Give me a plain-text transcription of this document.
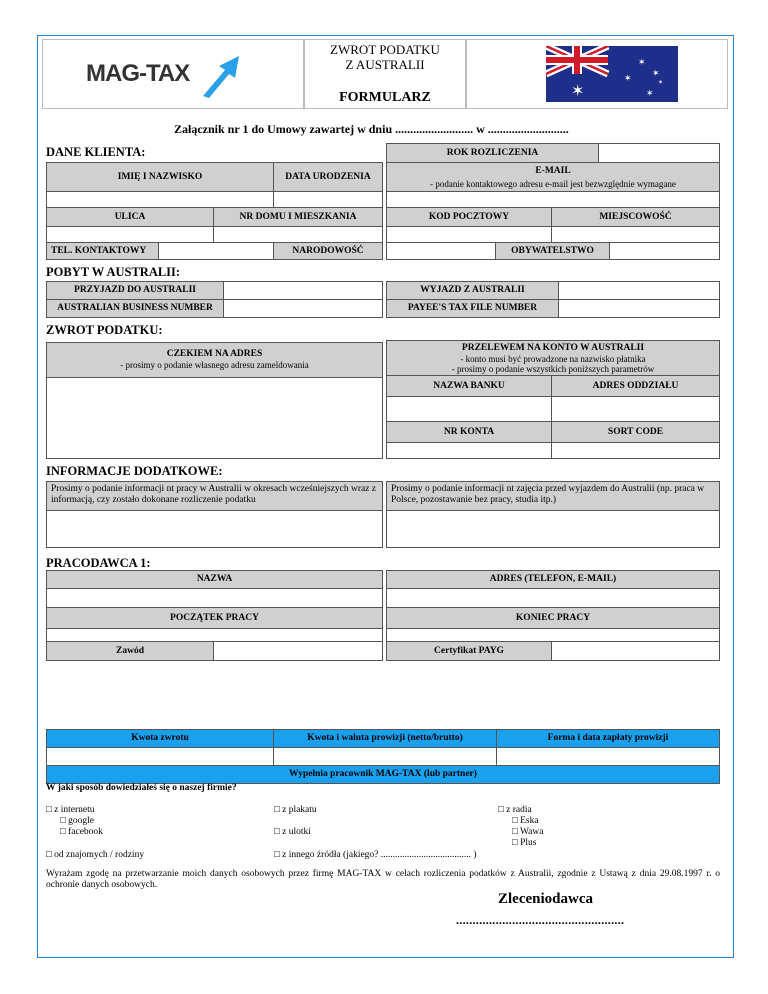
MAG-TAX
ZWROT PODATKU
Z AUSTRALII
FORMULARZ	✶
✶
✶ ✶
✶
✶
Załącznik nr 1 do Umowy zawartej w dniu .......................... w ...........................
DANE KLIENTA:	ROK ROZLICZENIA
IMIĘ I NAZWISKO	DATA URODZENIA
E-MAIL
- podanie kontaktowego adresu e-mail jest bezwzględnie wymagane
ULICA	NR DOMU I MIESZKANIA	KOD POCZTOWY	MIEJSCOWOŚĆ
TEL. KONTAKTOWY	NARODOWOŚĆ	OBYWATELSTWO
POBYT W AUSTRALII:
PRZYJAZD DO AUSTRALII	WYJAZD Z AUSTRALII
AUSTRALIAN BUSINESS NUMBER	PAYEE'S TAX FILE NUMBER
ZWROT PODATKU:
CZEKIEM NA ADRES
- prosimy o podanie własnego adresu zameldowania
PRZELEWEM NA KONTO W AUSTRALII
- konto musi być prowadzone na nazwisko płatnika
- prosimy o podanie wszystkich poniższych parametrów
NAZWA BANKU	ADRES ODDZIAŁU
NR KONTA	SORT CODE
INFORMACJE DODATKOWE:
Prosimy o podanie informacji nt pracy w Australii w okresach wcześniejszych wraz z informacją, czy zostało dokonane rozliczenie podatku
Prosimy o podanie informacji nt zajęcia przed wyjazdem do Australii (np. praca w Polsce, pozostawanie bez pracy, studia itp.)
PRACODAWCA 1:
NAZWA	ADRES (TELEFON, E-MAIL)
POCZĄTEK PRACY	KONIEC PRACY
Zawód	Certyfikat PAYG
Kwota zwrotu	Kwota i waluta prowizji (netto/brutto)	Forma i data zapłaty prowizji
Wypełnia pracownik MAG-TAX (lub partner)
W jaki sposób dowiedziałeś się o naszej firmie?
□ z internetu
□ google
□ facebook
□ od znajomych / rodziny
□ z plakatu
□ z ulotki
□ z innego źródła (jakiego? ...................................... )
□ z radia
□ Eska
□ Wawa
□ Plus
Wyrażam zgodę na przetwarzanie moich danych osobowych przez firmę MAG-TAX w celach rozliczenia podatków z Australii, zgodnie z Ustawą z dnia 29.08.1997 r. o ochronie danych osobowych.
Zleceniodawca
...................................................
